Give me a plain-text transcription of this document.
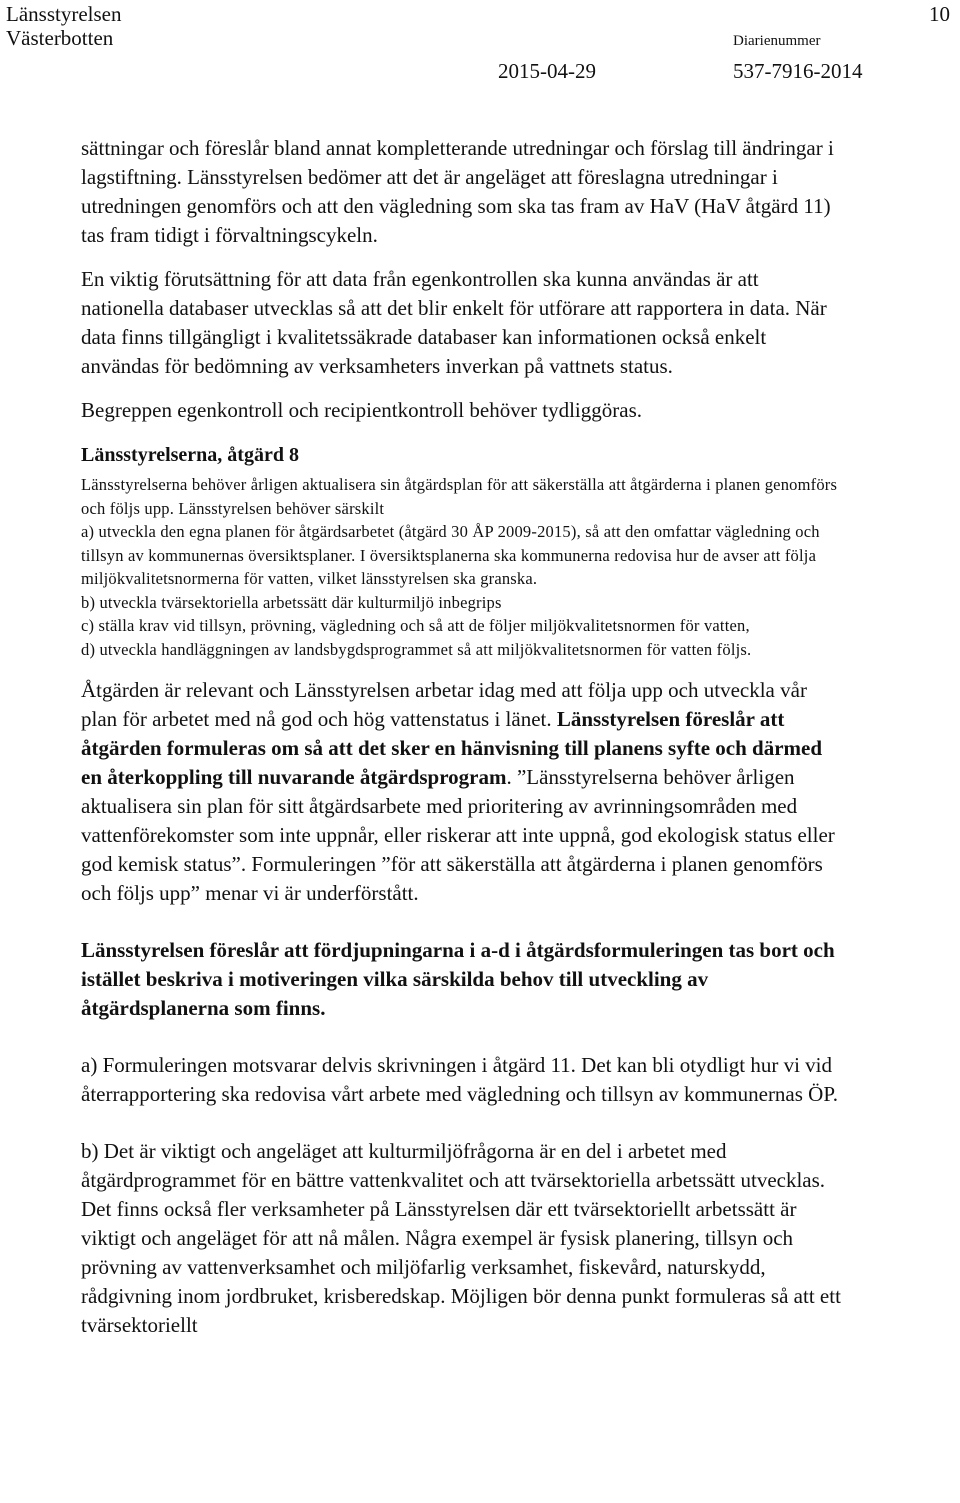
Länsstyrelsen
Västerbotten
10
Diarienummer
2015-04-29	537-7916-2014

sättningar och föreslår bland annat kompletterande utredningar och förslag till ändringar i lagstiftning. Länsstyrelsen bedömer att det är angeläget att föreslagna utredningar i utredningen genomförs och att den vägledning som ska tas fram av HaV (HaV åtgärd 11) tas fram tidigt i förvaltningscykeln.

En viktig förutsättning för att data från egenkontrollen ska kunna användas är att nationella databaser utvecklas så att det blir enkelt för utförare att rapportera in data. När data finns tillgängligt i kvalitetssäkrade databaser kan informationen också enkelt användas för bedömning av verksamheters inverkan på vattnets status.

Begreppen egenkontroll och recipientkontroll behöver tydliggöras.

Länsstyrelserna, åtgärd 8

Länsstyrelserna behöver årligen aktualisera sin åtgärdsplan för att säkerställa att åtgärderna i planen genomförs och följs upp. Länsstyrelsen behöver särskilt
a) utveckla den egna planen för åtgärdsarbetet (åtgärd 30 ÅP 2009-2015), så att den omfattar vägledning och tillsyn av kommunernas översiktsplaner. I översiktsplanerna ska kommunerna redovisa hur de avser att följa miljökvalitetsnormerna för vatten, vilket länsstyrelsen ska granska.
b) utveckla tvärsektoriella arbetssätt där kulturmiljö inbegrips
c) ställa krav vid tillsyn, prövning, vägledning och så att de följer miljökvalitetsnormen för vatten,
d) utveckla handläggningen av landsbygdsprogrammet så att miljökvalitetsnormen för vatten följs.

Åtgärden är relevant och Länsstyrelsen arbetar idag med att följa upp och utveckla vår plan för arbetet med nå god och hög vattenstatus i länet. Länsstyrelsen föreslår att åtgärden formuleras om så att det sker en hänvisning till planens syfte och därmed en återkoppling till nuvarande åtgärdsprogram. ”Länsstyrelserna behöver årligen aktualisera sin plan för sitt åtgärdsarbete med prioritering av avrinningsområden med vattenförekomster som inte uppnår, eller riskerar att inte uppnå, god ekologisk status eller god kemisk status”. Formuleringen ”för att säkerställa att åtgärderna i planen genomförs och följs upp” menar vi är underförstått.

Länsstyrelsen föreslår att fördjupningarna i a-d i åtgärdsformuleringen tas bort och istället beskriva i motiveringen vilka särskilda behov till utveckling av åtgärdsplanerna som finns.

a) Formuleringen motsvarar delvis skrivningen i åtgärd 11. Det kan bli otydligt hur vi vid återrapportering ska redovisa vårt arbete med vägledning och tillsyn av kommunernas ÖP.

b) Det är viktigt och angeläget att kulturmiljöfrågorna är en del i arbetet med åtgärdprogrammet för en bättre vattenkvalitet och att tvärsektoriella arbetssätt utvecklas. Det finns också fler verksamheter på Länsstyrelsen där ett tvärsektoriellt arbetssätt är viktigt och angeläget för att nå målen. Några exempel är fysisk planering, tillsyn och prövning av vattenverksamhet och miljöfarlig verksamhet, fiskevård, naturskydd, rådgivning inom jordbruket, krisberedskap. Möjligen bör denna punkt formuleras så att ett tvärsektoriellt
